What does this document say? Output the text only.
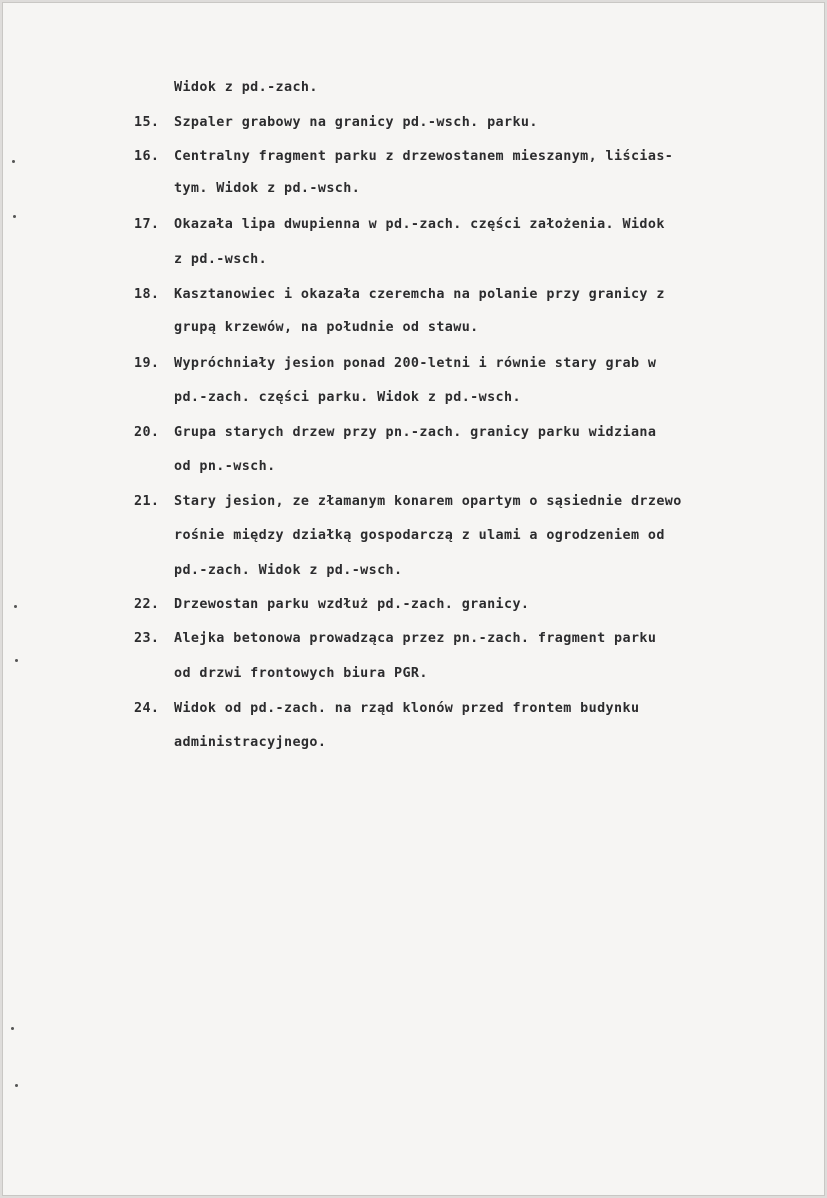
Widok z pd.-zach.
15.	Szpaler grabowy na granicy pd.-wsch. parku.
16.	Centralny fragment parku z drzewostanem mieszanym, liścias-
tym. Widok z pd.-wsch.
17.	Okazała lipa dwupienna w pd.-zach. części założenia. Widok
z pd.-wsch.
18.	Kasztanowiec i okazała czeremcha na polanie przy granicy z
grupą krzewów, na południe od stawu.
19.	Wypróchniały jesion ponad 200-letni i równie stary grab w
pd.-zach. części parku. Widok z pd.-wsch.
20.	Grupa starych drzew przy pn.-zach. granicy parku widziana
od pn.-wsch.
21.	Stary jesion, ze złamanym konarem opartym o sąsiednie drzewo
rośnie między działką gospodarczą z ulami a ogrodzeniem od
pd.-zach. Widok z pd.-wsch.
22.	Drzewostan parku wzdłuż pd.-zach. granicy.
23.	Alejka betonowa prowadząca przez pn.-zach. fragment parku
od drzwi frontowych biura PGR.
24.	Widok od pd.-zach. na rząd klonów przed frontem budynku
administracyjnego.
